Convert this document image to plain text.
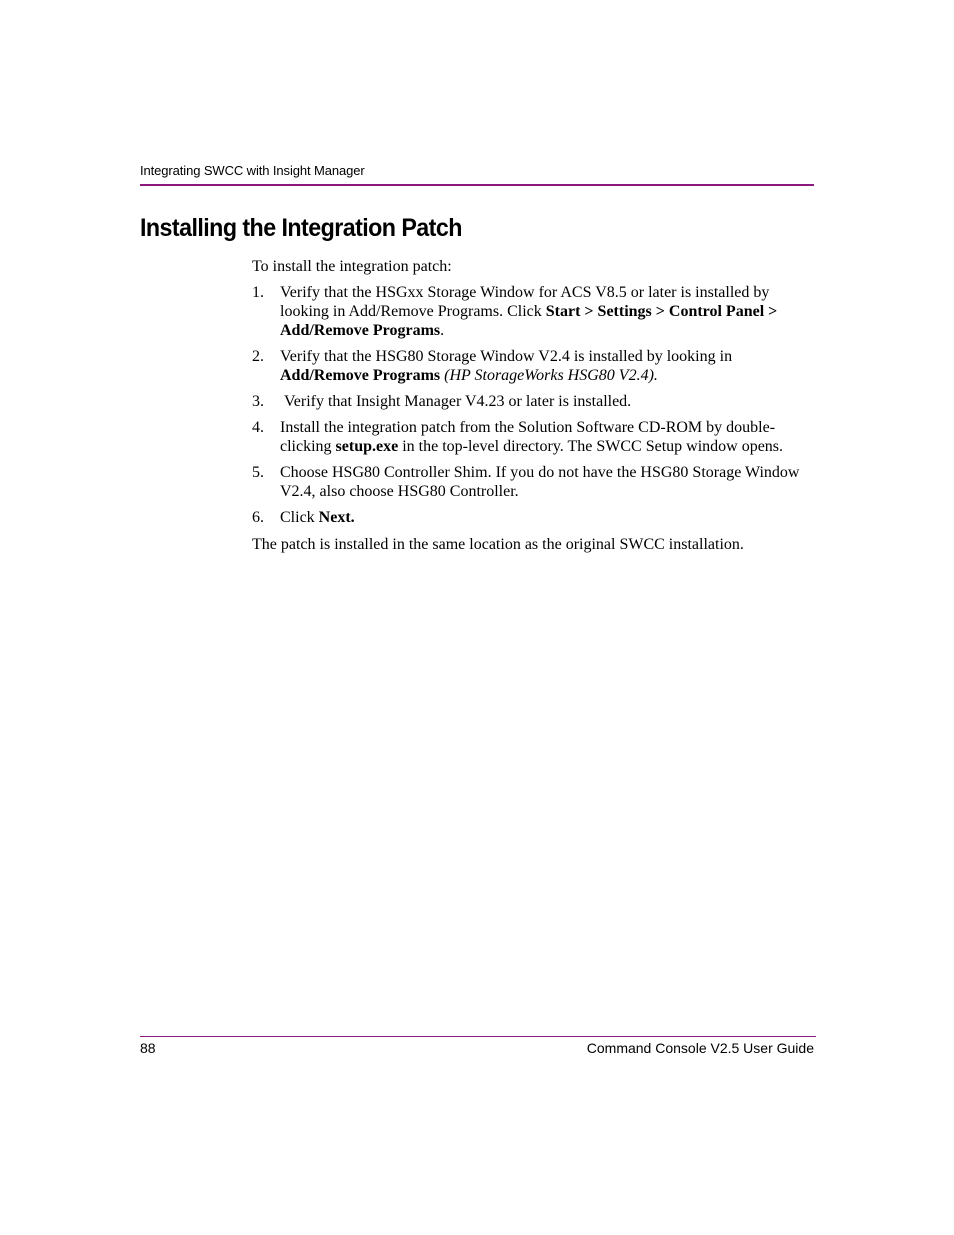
Integrating SWCC with Insight Manager
Installing the Integration Patch

To install the integration patch:

1. Verify that the HSGxx Storage Window for ACS V8.5 or later is installed by looking in Add/Remove Programs. Click Start > Settings > Control Panel > Add/Remove Programs.
2. Verify that the HSG80 Storage Window V2.4 is installed by looking in Add/Remove Programs (HP StorageWorks HSG80 V2.4).
3. Verify that Insight Manager V4.23 or later is installed.
4. Install the integration patch from the Solution Software CD-ROM by double-clicking setup.exe in the top-level directory. The SWCC Setup window opens.
5. Choose HSG80 Controller Shim. If you do not have the HSG80 Storage Window V2.4, also choose HSG80 Controller.
6. Click Next.

The patch is installed in the same location as the original SWCC installation.

88	Command Console V2.5 User Guide
